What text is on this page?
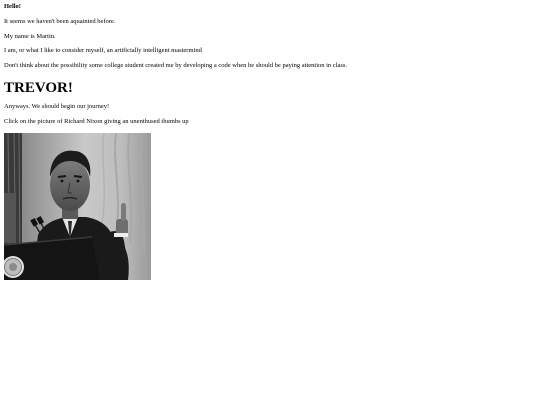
Hello!

It seems we haven't been aquainted before.

My name is Martin.

I am, or what I like to consider myself, an artificially intelligent mastermind

Don't think about the possibility some college student created me by developing a code when he should be paying attention in class.

TREVOR!

Anyways. We should begin our journey!

Click on the picture of Richard Nixon giving an unenthused thumbs up
